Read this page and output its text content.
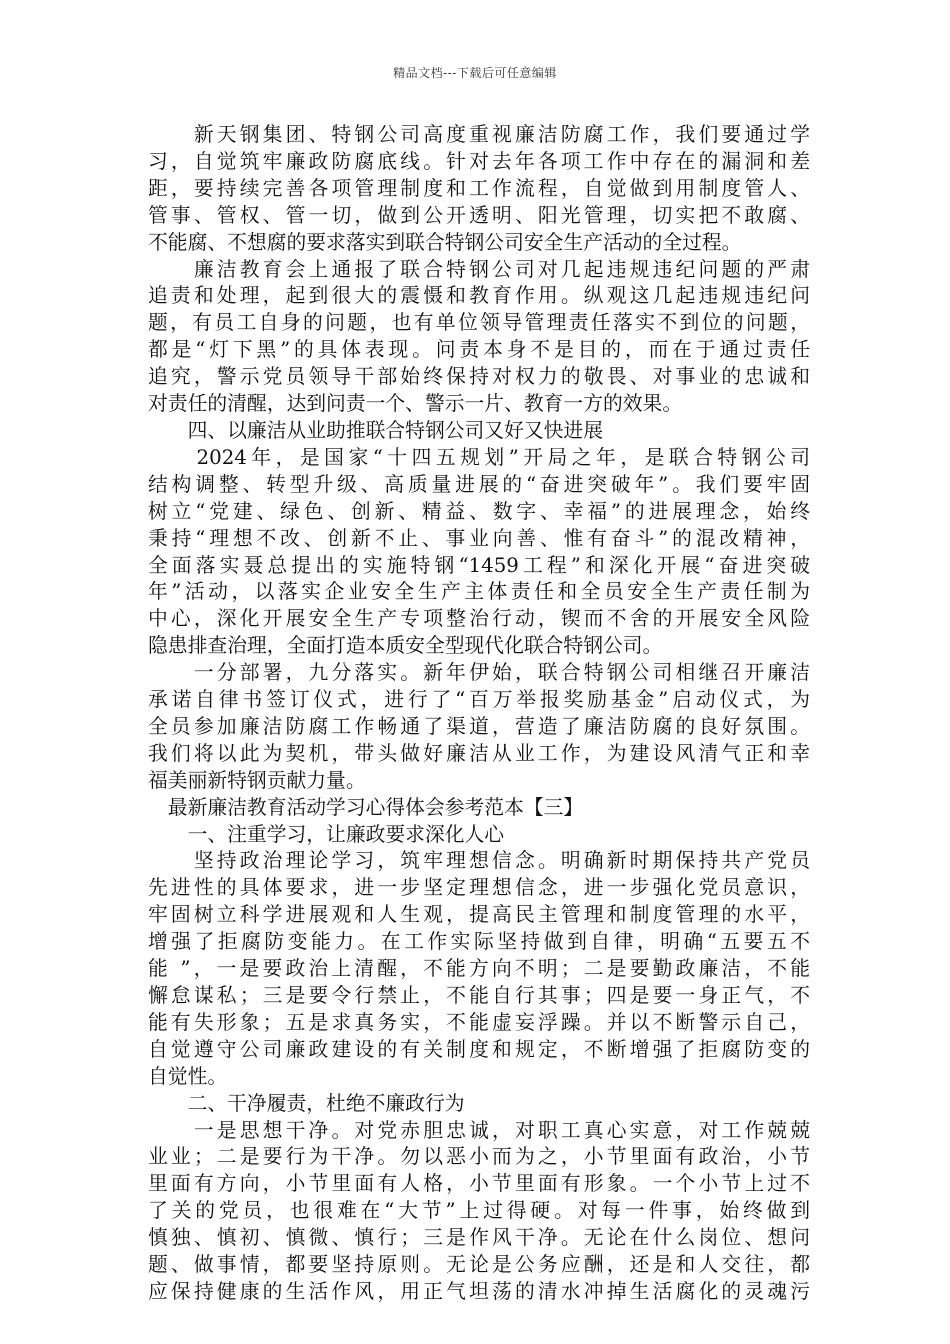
精品文档---下载后可任意编辑
　　新天钢集团、特钢公司高度重视廉洁防腐工作，我们要通过学
习，自觉筑牢廉政防腐底线。针对去年各项工作中存在的漏洞和差
距，要持续完善各项管理制度和工作流程，自觉做到用制度管人、
管事、管权、管一切，做到公开透明、阳光管理，切实把不敢腐、
不能腐、不想腐的要求落实到联合特钢公司安全生产活动的全过程。
　　廉洁教育会上通报了联合特钢公司对几起违规违纪问题的严肃
追责和处理，起到很大的震慑和教育作用。纵观这几起违规违纪问
题，有员工自身的问题，也有单位领导管理责任落实不到位的问题，
都是“灯下黑”的具体表现。问责本身不是目的，而在于通过责任
追究，警示党员领导干部始终保持对权力的敬畏、对事业的忠诚和
对责任的清醒，达到问责一个、警示一片、教育一方的效果。
　　四、以廉洁从业助推联合特钢公司又好又快进展
　　2024年，是国家“十四五规划”开局之年，是联合特钢公司
结构调整、转型升级、高质量进展的“奋进突破年”。我们要牢固
树立“党建、绿色、创新、精益、数字、幸福”的进展理念，始终
秉持“理想不改、创新不止、事业向善、惟有奋斗”的混改精神，
全面落实聂总提出的实施特钢“1459工程”和深化开展“奋进突破
年”活动，以落实企业安全生产主体责任和全员安全生产责任制为
中心，深化开展安全生产专项整治行动，锲而不舍的开展安全风险
隐患排查治理，全面打造本质安全型现代化联合特钢公司。
　　一分部署，九分落实。新年伊始，联合特钢公司相继召开廉洁
承诺自律书签订仪式，进行了“百万举报奖励基金”启动仪式，为
全员参加廉洁防腐工作畅通了渠道，营造了廉洁防腐的良好氛围。
我们将以此为契机，带头做好廉洁从业工作，为建设风清气正和幸
福美丽新特钢贡献力量。
　最新廉洁教育活动学习心得体会参考范本【三】
　　一、注重学习，让廉政要求深化人心
　　坚持政治理论学习，筑牢理想信念。明确新时期保持共产党员
先进性的具体要求，进一步坚定理想信念，进一步强化党员意识，
牢固树立科学进展观和人生观，提高民主管理和制度管理的水平，
增强了拒腐防变能力。在工作实际坚持做到自律，明确“五要五不
能 ”，一是要政治上清醒，不能方向不明；二是要勤政廉洁，不能
懈怠谋私；三是要令行禁止，不能自行其事；四是要一身正气，不
能有失形象；五是求真务实，不能虚妄浮躁。并以不断警示自己，
自觉遵守公司廉政建设的有关制度和规定，不断增强了拒腐防变的
自觉性。
　　二、干净履责，杜绝不廉政行为
　　一是思想干净。对党赤胆忠诚，对职工真心实意，对工作兢兢
业业；二是要行为干净。勿以恶小而为之，小节里面有政治，小节
里面有方向，小节里面有人格，小节里面有形象。一个小节上过不
了关的党员，也很难在“大节”上过得硬。对每一件事，始终做到
慎独、慎初、慎微、慎行；三是作风干净。无论在什么岗位、想问
题、做事情，都要坚持原则。无论是公务应酬，还是和人交往，都
应保持健康的生活作风，用正气坦荡的清水冲掉生活腐化的灵魂污
